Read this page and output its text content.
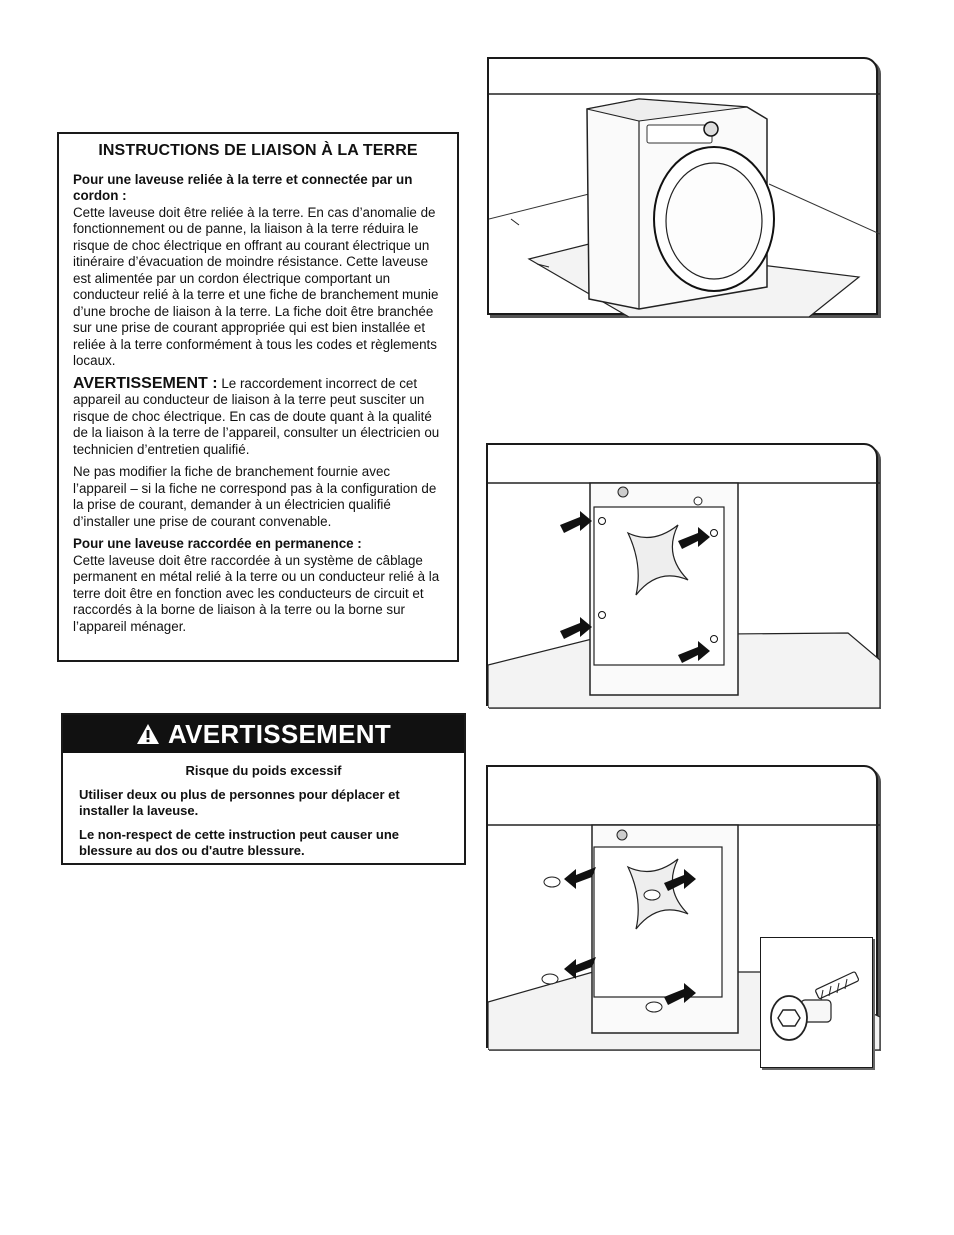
INSTRUCTIONS DE LIAISON À LA TERRE

Pour une laveuse reliée à la terre et connectée par un cordon :
Cette laveuse doit être reliée à la terre. En cas d’anomalie de fonctionnement ou de panne, la liaison à la terre réduira le risque de choc électrique en offrant au courant électrique un itinéraire d’évacuation de moindre résistance. Cette laveuse est alimentée par un cordon électrique comportant un conducteur relié à la terre et une fiche de branchement munie d’une broche de liaison à la terre. La fiche doit être branchée sur une prise de courant appropriée qui est bien installée et reliée à la terre conformément à tous les codes et règlements locaux.

AVERTISSEMENT : Le raccordement incorrect de cet appareil au conducteur de liaison à la terre peut susciter un risque de choc électrique. En cas de doute quant à la qualité de la liaison à la terre de l’appareil, consulter un électricien ou technicien d’entretien qualifié.

Ne pas modifier la fiche de branchement fournie avec l’appareil – si la fiche ne correspond pas à la configuration de la prise de courant, demander à un électricien qualifié d’installer une prise de courant convenable.

Pour une laveuse raccordée en permanence :
Cette laveuse doit être raccordée à un système de câblage permanent en métal relié à la terre ou un conducteur relié à la terre doit être en fonction avec les conducteurs de circuit et raccordés à la borne de liaison à la terre ou la borne sur l’appareil ménager.

AVERTISSEMENT

Risque du poids excessif

Utiliser deux ou plus de personnes pour déplacer et installer la laveuse.

Le non-respect de cette instruction peut causer une blessure au dos ou d'autre blessure.
